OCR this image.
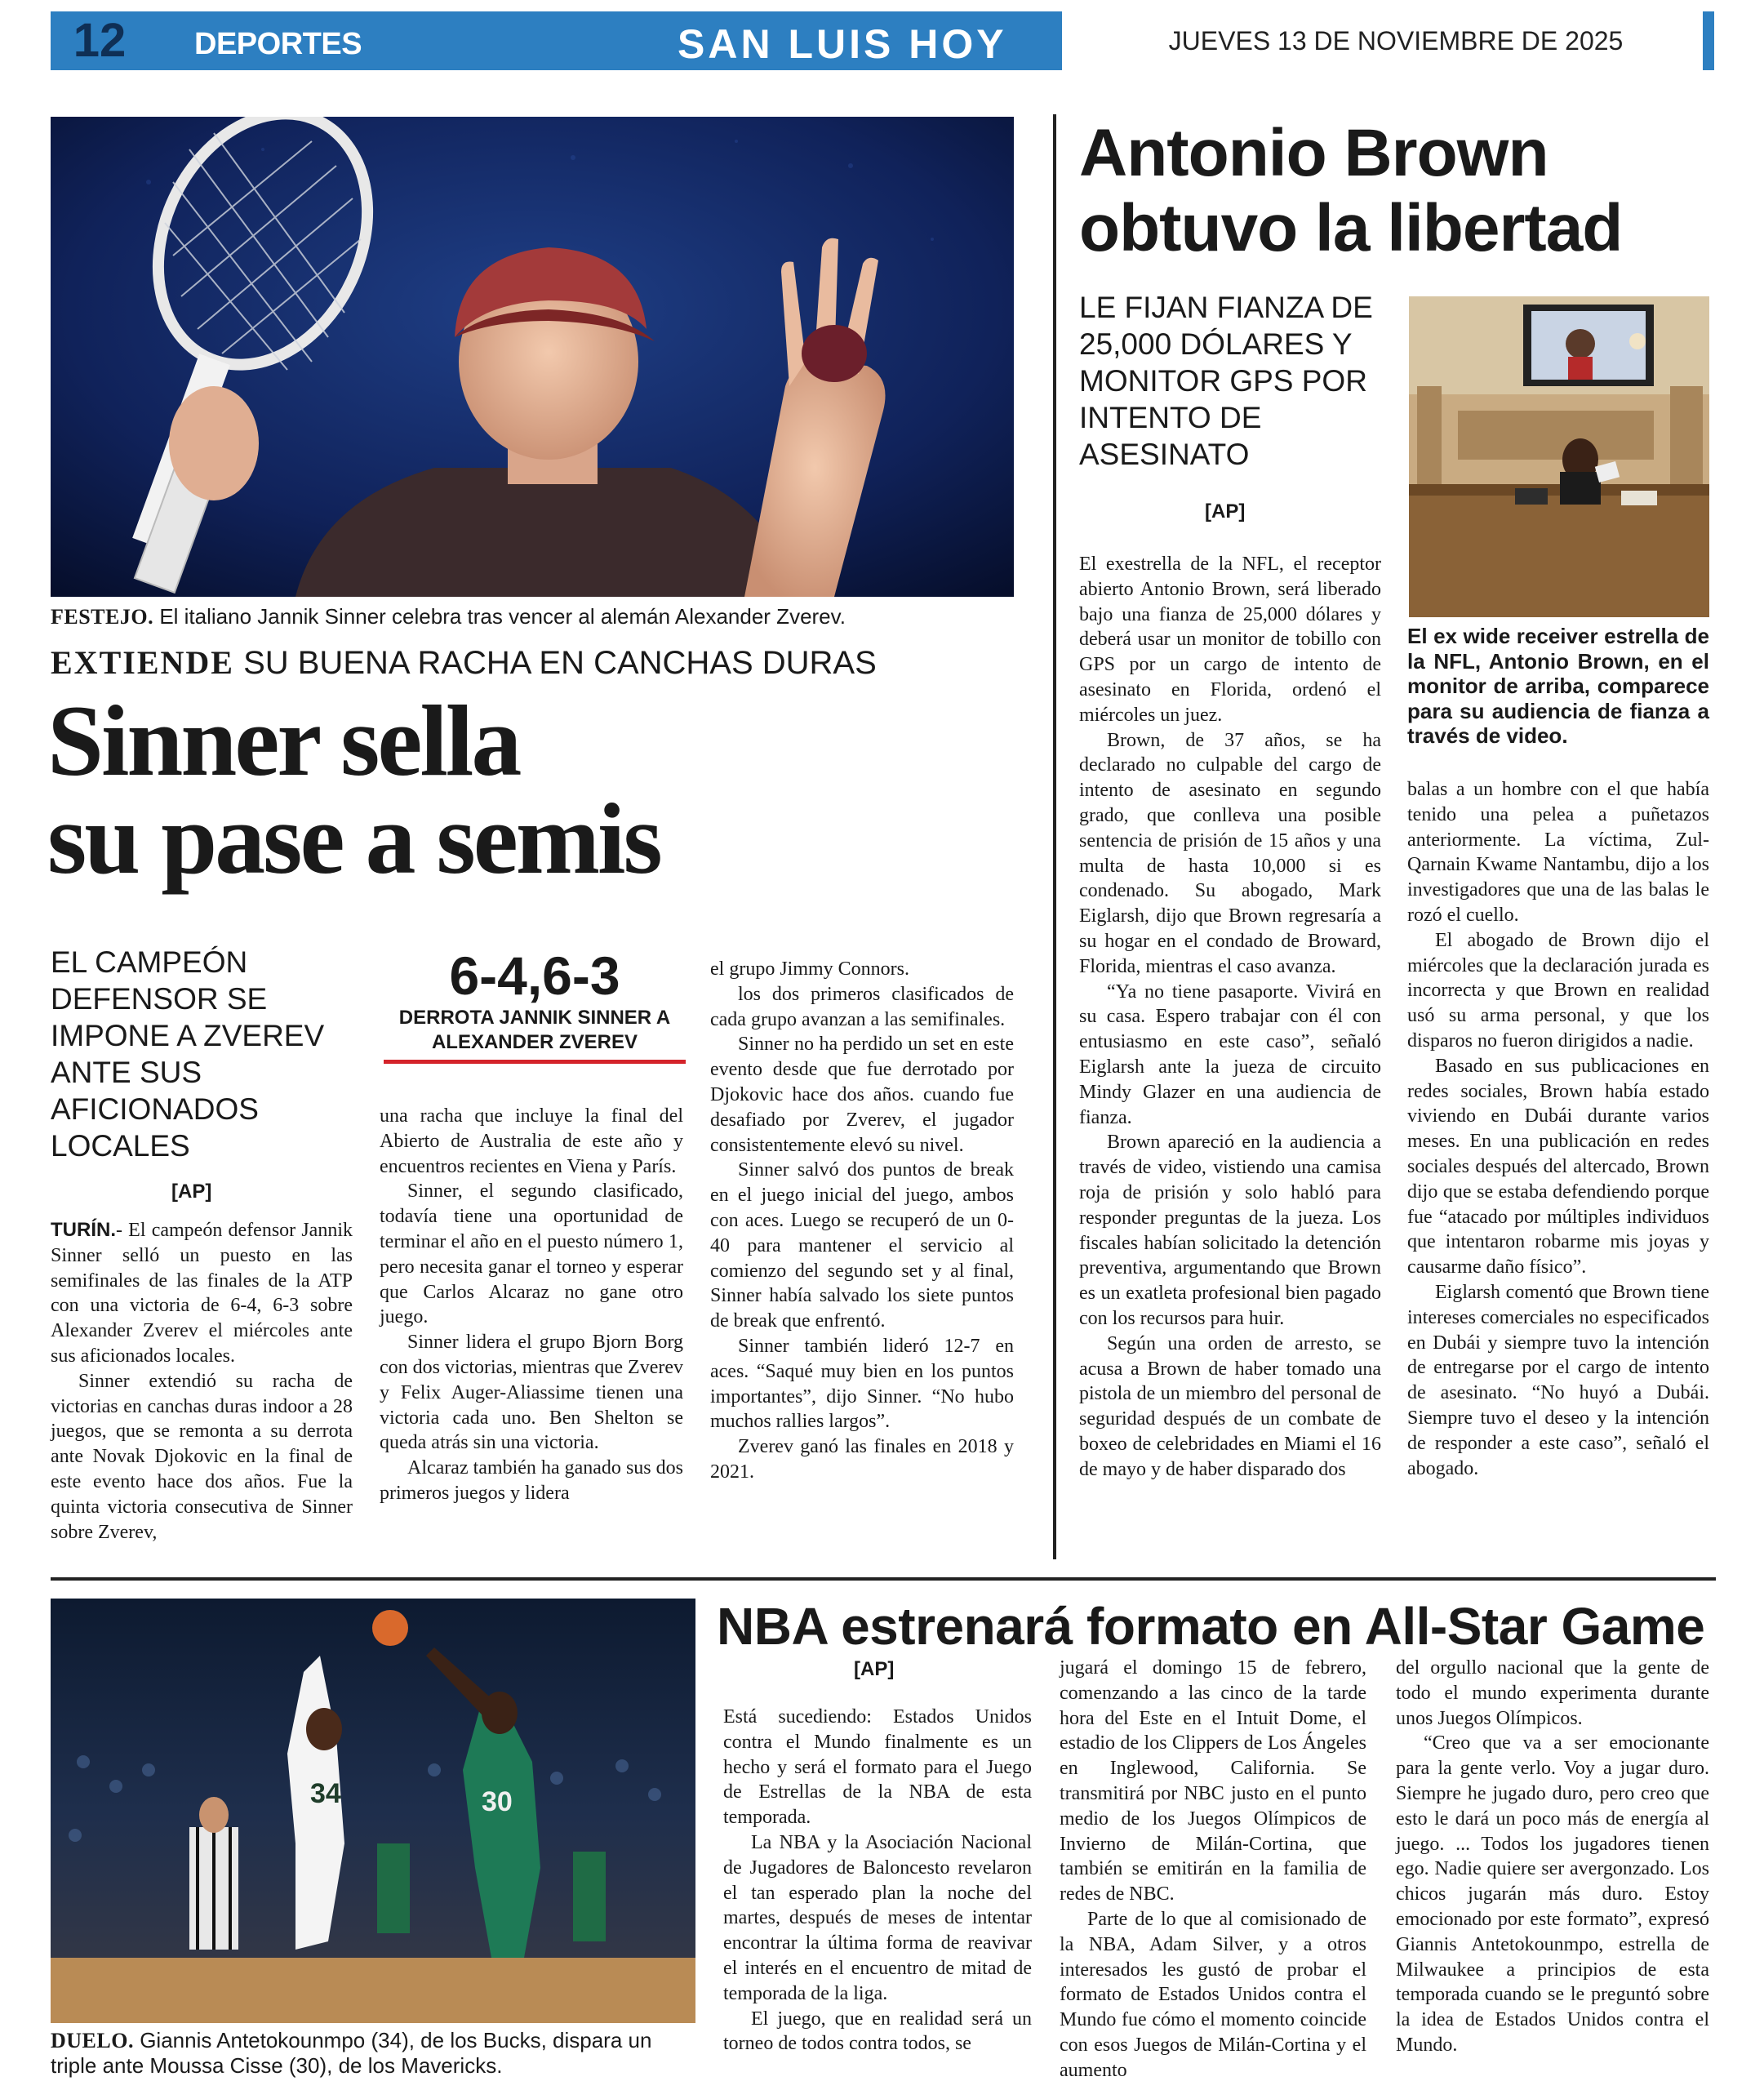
12	DEPORTES	SAN LUIS HOY	JUEVES 13 DE NOVIEMBRE DE 2025
FESTEJO. El italiano Jannik Sinner celebra tras vencer al alemán Alexander Zverev.
EXTIENDE SU BUENA RACHA EN CANCHAS DURAS
Sinner sella
su pase a semis
EL CAMPEÓN DEFENSOR SE IMPONE A ZVEREV ANTE SUS AFICIONADOS LOCALES
[AP]
6-4,6-3
DERROTA JANNIK SINNER A ALEXANDER ZVEREV

TURÍN.- El campeón defensor Jannik Sinner selló un puesto en las semifinales de las finales de la ATP con una victoria de 6-4, 6-3 sobre Alexander Zverev el miércoles ante sus aficionados locales.

Sinner extendió su racha de victorias en canchas duras indoor a 28 juegos, que se remonta a su derrota ante Novak Djokovic en la final de este evento hace dos años. Fue la quinta victoria consecutiva de Sinner sobre Zverev,

una racha que incluye la final del Abierto de Australia de este año y encuentros recientes en Viena y París.

Sinner, el segundo clasificado, todavía tiene una oportunidad de terminar el año en el puesto número 1, pero necesita ganar el torneo y esperar que Carlos Alcaraz no gane otro juego.

Sinner lidera el grupo Bjorn Borg con dos victorias, mientras que Zverev y Felix Auger-Aliassime tienen una victoria cada uno. Ben Shelton se queda atrás sin una victoria.

Alcaraz también ha ganado sus dos primeros juegos y lidera

el grupo Jimmy Connors.

los dos primeros clasificados de cada grupo avanzan a las semifinales.

Sinner no ha perdido un set en este evento desde que fue derrotado por Djokovic hace dos años. cuando fue desafiado por Zverev, el jugador consistentemente elevó su nivel.

Sinner salvó dos puntos de break en el juego inicial del juego, ambos con aces. Luego se recuperó de un 0-40 para mantener el servicio al comienzo del segundo set y al final, Sinner había salvado los siete puntos de break que enfrentó.

Sinner también lideró 12-7 en aces. “Saqué muy bien en los puntos importantes”, dijo Sinner. “No hubo muchos rallies largos”.

Zverev ganó las finales en 2018 y 2021.

Antonio Brown obtuvo la libertad
LE FIJAN FIANZA DE 25,000 DÓLARES Y MONITOR GPS POR INTENTO DE ASESINATO
[AP]
El ex wide receiver estrella de la NFL, Antonio Brown, en el monitor de arriba, comparece para su audiencia de fianza a través de video.

El exestrella de la NFL, el receptor abierto Antonio Brown, será liberado bajo una fianza de 25,000 dólares y deberá usar un monitor de tobillo con GPS por un cargo de intento de asesinato en Florida, ordenó el miércoles un juez.

Brown, de 37 años, se ha declarado no culpable del cargo de intento de asesinato en segundo grado, que conlleva una posible sentencia de prisión de 15 años y una multa de hasta 10,000 si es condenado. Su abogado, Mark Eiglarsh, dijo que Brown regresaría a su hogar en el condado de Broward, Florida, mientras el caso avanza.

“Ya no tiene pasaporte. Vivirá en su casa. Espero trabajar con él con entusiasmo en este caso”, señaló Eiglarsh ante la jueza de circuito Mindy Glazer en una audiencia de fianza.

Brown apareció en la audiencia a través de video, vistiendo una camisa roja de prisión y solo habló para responder preguntas de la jueza. Los fiscales habían solicitado la detención preventiva, argumentando que Brown es un exatleta profesional bien pagado con los recursos para huir.

Según una orden de arresto, se acusa a Brown de haber tomado una pistola de un miembro del personal de seguridad después de un combate de boxeo de celebridades en Miami el 16 de mayo y de haber disparado dos

balas a un hombre con el que había tenido una pelea a puñetazos anteriormente. La víctima, Zul-Qarnain Kwame Nantambu, dijo a los investigadores que una de las balas le rozó el cuello.

El abogado de Brown dijo el miércoles que la declaración jurada es incorrecta y que Brown en realidad usó su arma personal, y que los disparos no fueron dirigidos a nadie.

Basado en sus publicaciones en redes sociales, Brown había estado viviendo en Dubái durante varios meses. En una publicación en redes sociales después del altercado, Brown dijo que se estaba defendiendo porque fue “atacado por múltiples individuos que intentaron robarme mis joyas y causarme daño físico”.

Eiglarsh comentó que Brown tiene intereses comerciales no especificados en Dubái y siempre tuvo la intención de entregarse por el cargo de intento de asesinato. “No huyó a Dubái. Siempre tuvo el deseo y la intención de responder a este caso”, señaló el abogado.

34	30
DUELO. Giannis Antetokounmpo (34), de los Bucks, dispara un triple ante Moussa Cisse (30), de los Mavericks.
NBA estrenará formato en All-Star Game
[AP]

Está sucediendo: Estados Unidos contra el Mundo finalmente es un hecho y será el formato para el Juego de Estrellas de la NBA de esta temporada.

La NBA y la Asociación Nacional de Jugadores de Baloncesto revelaron el tan esperado plan la noche del martes, después de meses de intentar encontrar la última forma de reavivar el interés en el encuentro de mitad de temporada de la liga.

El juego, que en realidad será un torneo de todos contra todos, se

jugará el domingo 15 de febrero, comenzando a las cinco de la tarde hora del Este en el Intuit Dome, el estadio de los Clippers de Los Ángeles en Inglewood, California. Se transmitirá por NBC justo en el punto medio de los Juegos Olímpicos de Invierno de Milán-Cortina, que también se emitirán en la familia de redes de NBC.

Parte de lo que al comisionado de la NBA, Adam Silver, y a otros interesados les gustó de probar el formato de Estados Unidos contra el Mundo fue cómo el momento coincide con esos Juegos de Milán-Cortina y el aumento

del orgullo nacional que la gente de todo el mundo experimenta durante unos Juegos Olímpicos.

“Creo que va a ser emocionante para la gente verlo. Voy a jugar duro. Siempre he jugado duro, pero creo que esto le dará un poco más de energía al juego. ... Todos los jugadores tienen ego. Nadie quiere ser avergonzado. Los chicos jugarán más duro. Estoy emocionado por este formato”, expresó Giannis Antetokounmpo, estrella de Milwaukee a principios de esta temporada cuando se le preguntó sobre la idea de Estados Unidos contra el Mundo.
